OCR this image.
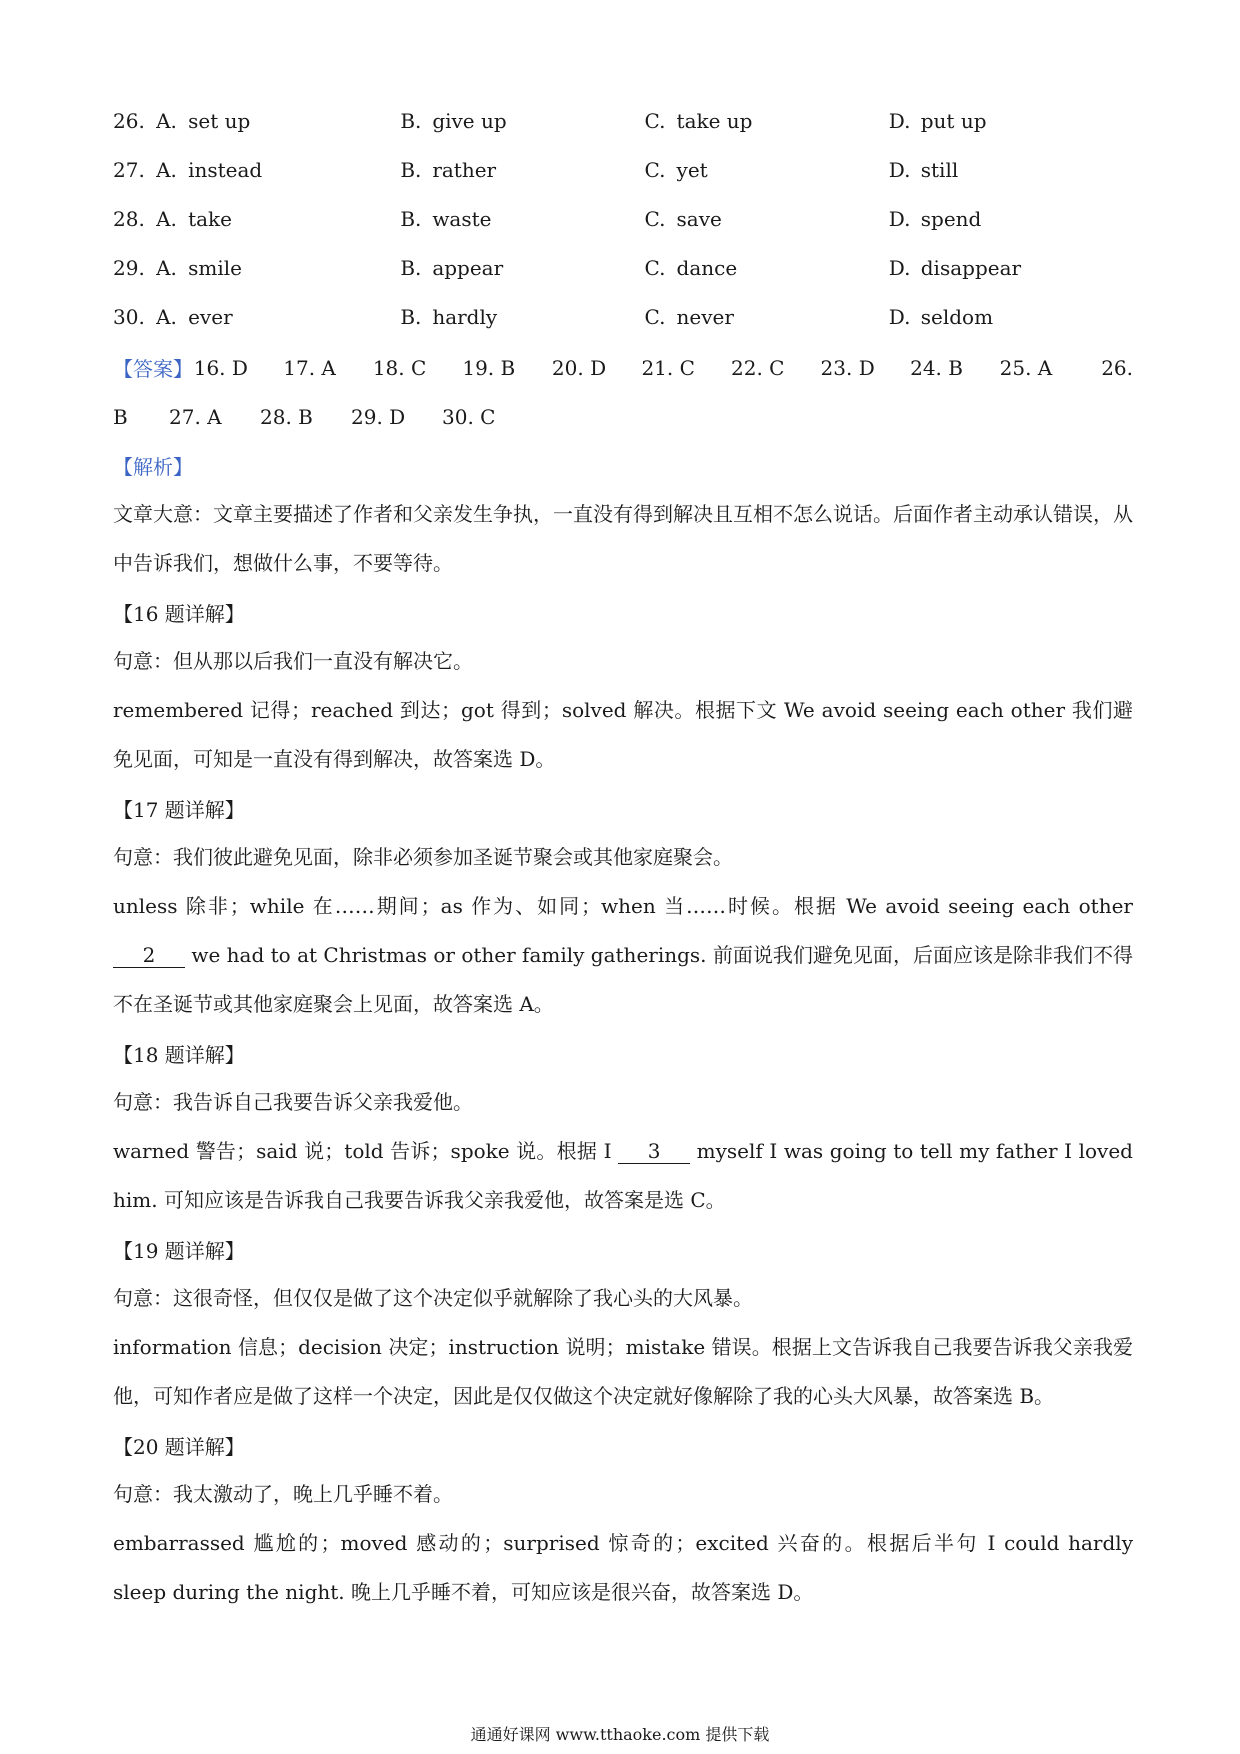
26. A. set up	B. give up	C. take up	D. put up
27. A. instead	B. rather	C. yet	D. still
28. A. take	B. waste	C. save	D. spend
29. A. smile	B. appear	C. dance	D. disappear
30. A. ever	B. hardly	C. never	D. seldom
【答案】 16. D	17. A	18. C	19. B	20. D	21. C	22. C	23. D	24. B	25. A	26.
B	27. A	28. B	29. D	30. C
【解析】
文章大意：文章主要描述了作者和父亲发生争执，一直没有得到解决且互相不怎么说话。后面作者主动承认错误，从中告诉我们，想做什么事，不要等待。
【16 题详解】
句意：但从那以后我们一直没有解决它。
remembered 记得；reached 到达；got 得到；solved 解决。根据下文 We avoid seeing each other 我们避免见面，可知是一直没有得到解决，故答案选 D。
【17 题详解】
句意：我们彼此避免见面，除非必须参加圣诞节聚会或其他家庭聚会。
unless 除非；while 在……期间；as 作为、如同；when 当……时候。根据 We avoid seeing each other 2 we had to at Christmas or other family gatherings. 前面说我们避免见面，后面应该是除非我们不得不在圣诞节或其他家庭聚会上见面，故答案选 A。
【18 题详解】
句意：我告诉自己我要告诉父亲我爱他。
warned 警告；said 说；told 告诉；spoke 说。根据 I 3 myself I was going to tell my father I loved him. 可知应该是告诉我自己我要告诉我父亲我爱他，故答案是选 C。
【19 题详解】
句意：这很奇怪，但仅仅是做了这个决定似乎就解除了我心头的大风暴。
information 信息；decision 决定；instruction 说明；mistake 错误。根据上文告诉我自己我要告诉我父亲我爱他，可知作者应是做了这样一个决定，因此是仅仅做这个决定就好像解除了我的心头大风暴，故答案选 B。
【20 题详解】
句意：我太激动了，晚上几乎睡不着。
embarrassed 尴尬的；moved 感动的；surprised 惊奇的；excited 兴奋的。根据后半句 I could hardly sleep during the night. 晚上几乎睡不着，可知应该是很兴奋，故答案选 D。
通通好课网 www.tthaoke.com 提供下载
